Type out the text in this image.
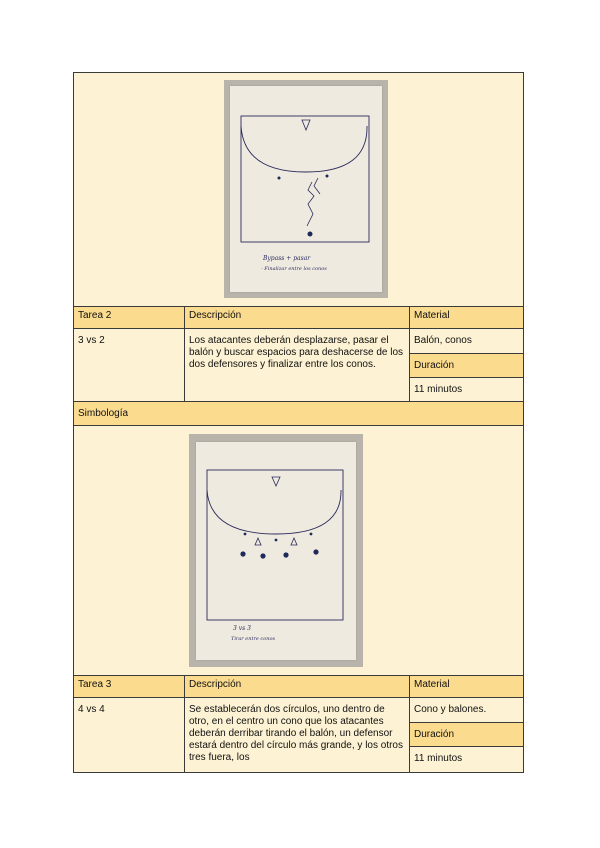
Bypass + pasar
- Finalizar entre los conos
Tarea 2	Descripción	Material
3 vs 2	Los atacantes deberán desplazarse, pasar el balón y buscar espacios para deshacerse de los dos defensores y finalizar entre los conos.
Balón, conos
Duración
11 minutos
Simbología
3 vs 3
Tirar entre conos
Tarea 3	Descripción	Material
4 vs 4	Se establecerán dos círculos, uno dentro de otro, en el centro un cono que los atacantes deberán derribar tirando el balón, un defensor estará dentro del círculo más grande, y los otros tres fuera, los
Cono y balones.
Duración
11 minutos
